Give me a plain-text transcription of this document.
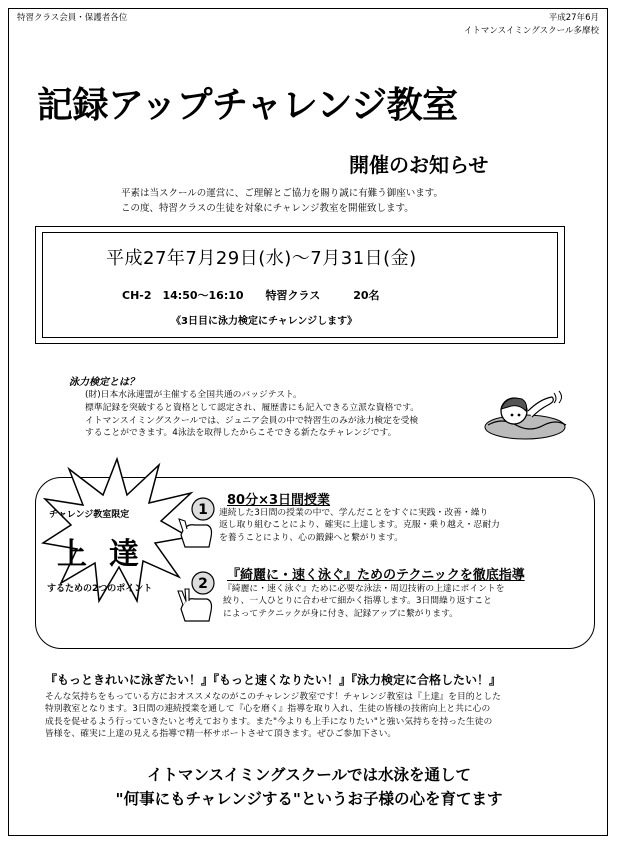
特習クラス会員・保護者各位	平成27年6月
イトマンスイミングスクール多摩校
記録アップチャレンジ教室
開催のお知らせ
平素は当スクールの運営に、ご理解とご協力を賜り誠に有難う御座います。
この度、特習クラスの生徒を対象にチャレンジ教室を開催致します。
平成27年7月29日(水)～7月31日(金)
CH-2　14:50～16:10　　特習クラス　　　20名
《3日目に泳力検定にチャレンジします》
泳力検定とは？
(財)日本水泳連盟が主催する全国共通のバッジテスト。
標準記録を突破すると資格として認定され、履歴書にも記入できる立派な資格です。
イトマンスイミングスクールでは、ジュニア会員の中で特習生のみが泳力検定を受検
することができます。4泳法を取得したからこそできる新たなチャレンジです。
チャレンジ教室限定
上達
するための2つのポイント
1
2
80分×3日間授業
連続した3日間の授業の中で、学んだことをすぐに実践・改善・繰り
返し取り組むことにより、確実に上達します。克服・乗り越え・忍耐力
を養うことにより、心の鍛錬へと繋がります。
『綺麗に・速く泳ぐ』ためのテクニックを徹底指導
『綺麗に・速く泳ぐ』ために必要な泳法・周辺技術の上達にポイントを
絞り、一人ひとりに合わせて細かく指導します。3日間繰り返すこと
によってテクニックが身に付き、記録アップに繋がります。
『もっときれいに泳ぎたい！』『もっと速くなりたい！』『泳力検定に合格したい！』
そんな気持ちをもっている方におオススメなのがこのチャレンジ教室です！チャレンジ教室は『上達』を目的とした
特別教室となります。3日間の連続授業を通して『心を磨く』指導を取り入れ、生徒の皆様の技術向上と共に心の
成長を促せるよう行っていきたいと考えております。また"今よりも上手になりたい"と強い気持ちを持った生徒の
皆様を、確実に上達の見える指導で精一杯サポートさせて頂きます。ぜひご参加下さい。
イトマンスイミングスクールでは水泳を通して
"何事にもチャレンジする"というお子様の心を育てます
